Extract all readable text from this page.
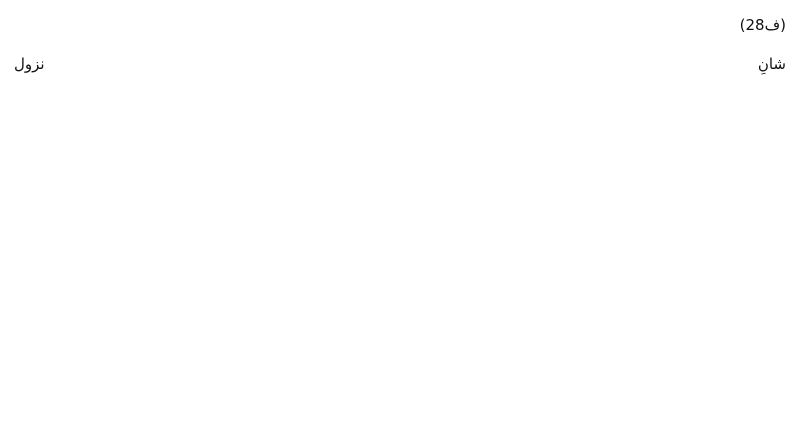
(ف28)
شانِ نزول
